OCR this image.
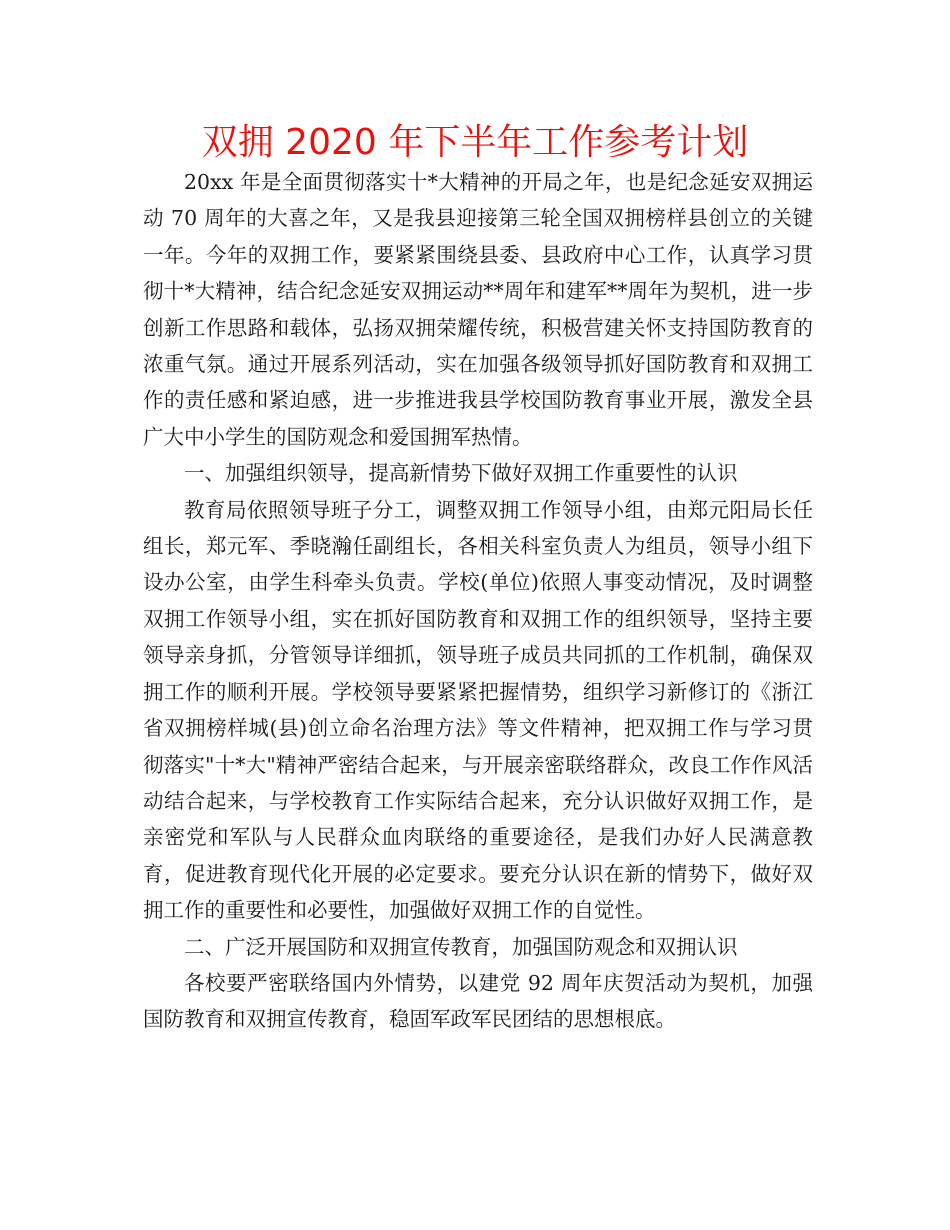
双拥 2020 年下半年工作参考计划

20xx 年是全面贯彻落实十*大精神的开局之年，也是纪念延安双拥运动 70 周年的大喜之年，又是我县迎接第三轮全国双拥榜样县创立的关键一年。今年的双拥工作，要紧紧围绕县委、县政府中心工作，认真学习贯彻十*大精神，结合纪念延安双拥运动**周年和建军**周年为契机，进一步创新工作思路和载体，弘扬双拥荣耀传统，积极营建关怀支持国防教育的浓重气氛。通过开展系列活动，实在加强各级领导抓好国防教育和双拥工作的责任感和紧迫感，进一步推进我县学校国防教育事业开展，激发全县广大中小学生的国防观念和爱国拥军热情。

一、加强组织领导，提高新情势下做好双拥工作重要性的认识

教育局依照领导班子分工，调整双拥工作领导小组，由郑元阳局长任组长，郑元军、季晓瀚任副组长，各相关科室负责人为组员，领导小组下设办公室，由学生科牵头负责。学校(单位)依照人事变动情况，及时调整双拥工作领导小组，实在抓好国防教育和双拥工作的组织领导，坚持主要领导亲身抓，分管领导详细抓，领导班子成员共同抓的工作机制，确保双拥工作的顺利开展。学校领导要紧紧把握情势，组织学习新修订的《浙江省双拥榜样城(县)创立命名治理方法》等文件精神，把双拥工作与学习贯彻落实"十*大"精神严密结合起来，与开展亲密联络群众，改良工作作风活动结合起来，与学校教育工作实际结合起来，充分认识做好双拥工作，是亲密党和军队与人民群众血肉联络的重要途径，是我们办好人民满意教育，促进教育现代化开展的必定要求。要充分认识在新的情势下，做好双拥工作的重要性和必要性，加强做好双拥工作的自觉性。

二、广泛开展国防和双拥宣传教育，加强国防观念和双拥认识

各校要严密联络国内外情势，以建党 92 周年庆贺活动为契机，加强国防教育和双拥宣传教育，稳固军政军民团结的思想根底。
